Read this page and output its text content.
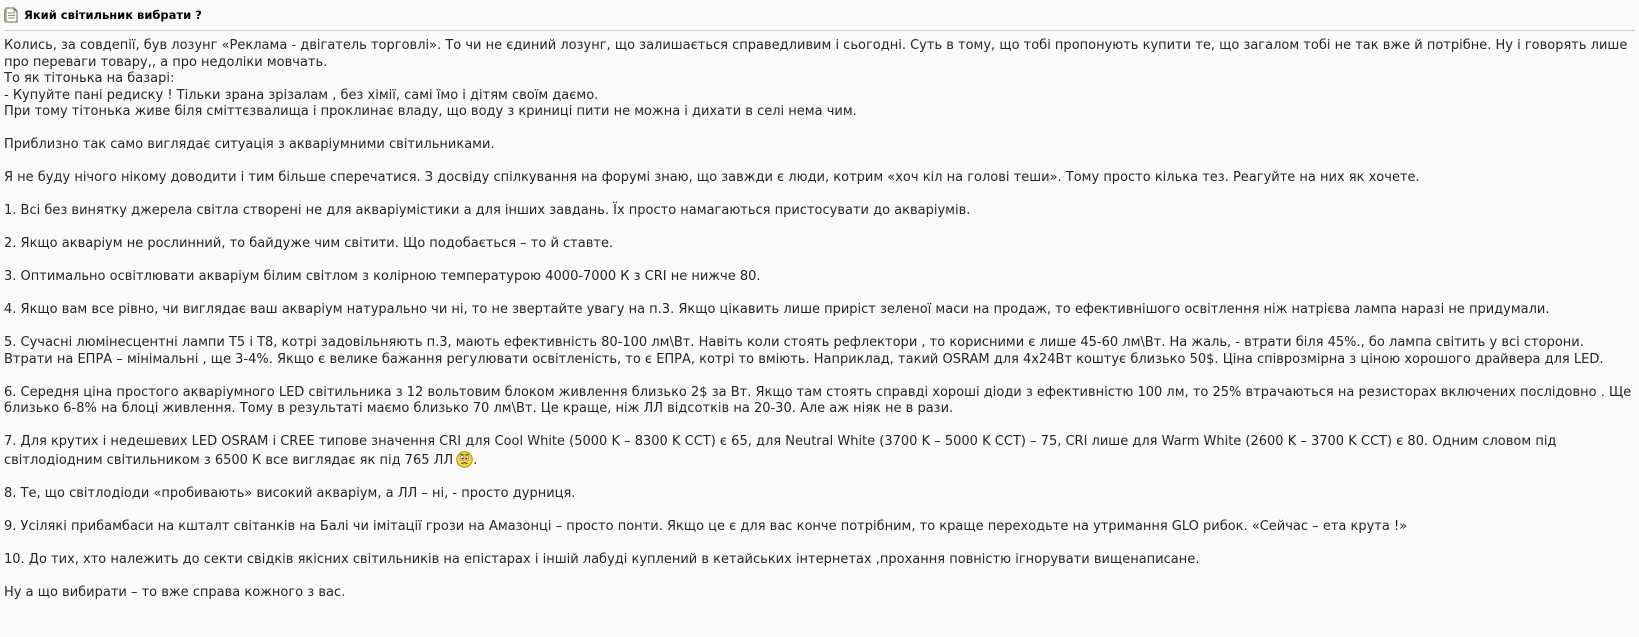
Який світильник вибрати ?

Колись, за совдепії, був лозунг «Реклама - двігатель торговлі». То чи не єдиний лозунг, що залишається справедливим і сьогодні. Суть в тому, що тобі пропонують купити те, що загалом тобі не так вже й потрібне. Ну і говорять лише про переваги товару,, а про недоліки мовчать.
То як тітонька на базарі:
- Купуйте пані редиску ! Тільки зрана зрізалам , без хімії, самі їмо і дітям своїм даємо.
При тому тітонька живе біля сміттєзвалища і проклинає владу, що воду з криниці пити не можна і дихати в селі нема чим.

Приблизно так само виглядає ситуація з акваріумними світильниками.

Я не буду нічого нікому доводити і тим більше сперечатися. З досвіду спілкування на форумі знаю, що завжди є люди, котрим «хоч кіл на голові теши». Тому просто кілька тез. Реагуйте на них як хочете.

1. Всі без винятку джерела світла створені не для акваріумістики а для інших завдань. Їх просто намагаються пристосувати до акваріумів.

2. Якщо акваріум не рослинний, то байдуже чим світити. Що подобається – то й ставте.

3. Оптимально освітлювати акваріум білим світлом з колірною температурою 4000-7000 К з CRI не нижче 80.

4. Якщо вам все рівно, чи виглядає ваш акваріум натурально чи ні, то не звертайте увагу на п.3. Якщо цікавить лише приріст зеленої маси на продаж, то ефективнішого освітлення ніж натрієва лампа наразі не придумали.

5. Сучасні люмінесцентні лампи Т5 і Т8, котрі задовільняють п.3, мають ефективність 80-100 лм\Вт. Навіть коли стоять рефлектори , то корисними є лише 45-60 лм\Вт. На жаль, - втрати біля 45%., бо лампа світить у всі сторони. Втрати на ЕПРА – мінімальні , ще 3-4%. Якщо є велике бажання регулювати освітленість, то є ЕПРА, котрі то вміють. Наприклад, такий OSRAM для 4х24Вт коштує близько 50$. Ціна співрозмірна з ціною хорошого драйвера для LED.

6. Середня ціна простого акваріумного LED світильника з 12 вольтовим блоком живлення близько 2$ за Вт. Якщо там стоять справді хороші діоди з ефективністю 100 лм, то 25% втрачаються на резисторах включених послідовно . Ще близько 6-8% на блоці живлення. Тому в результаті маємо близько 70 лм\Вт. Це краще, ніж ЛЛ відсотків на 20-30. Але аж ніяк не в рази.

7. Для крутих і недешевих LED OSRAM і CREE типове значення CRI для Cool White (5000 K – 8300 K CCT) є 65, для Neutral White (3700 K – 5000 K CCT) – 75, CRI лише для Warm White (2600 K – 3700 K CCT) є 80. Одним словом під світлодіодним світильником з 6500 К все виглядає як під 765 ЛЛ .

8. Те, що світлодіоди «пробивають» високий акваріум, а ЛЛ – ні, - просто дурниця.

9. Усілякі прибамбаси на кшталт світанків на Балі чи імітації грози на Амазонці – просто понти. Якщо це є для вас конче потрібним, то краще переходьте на утримання GLO рибок. «Сейчас – ета крута !»

10. До тих, хто належить до секти свідків якісних світильників на епістарах і іншій лабуді куплений в кетайських інтернетах ,прохання повністю ігнорувати вищенаписане.

Ну а що вибирати – то вже справа кожного з вас.
